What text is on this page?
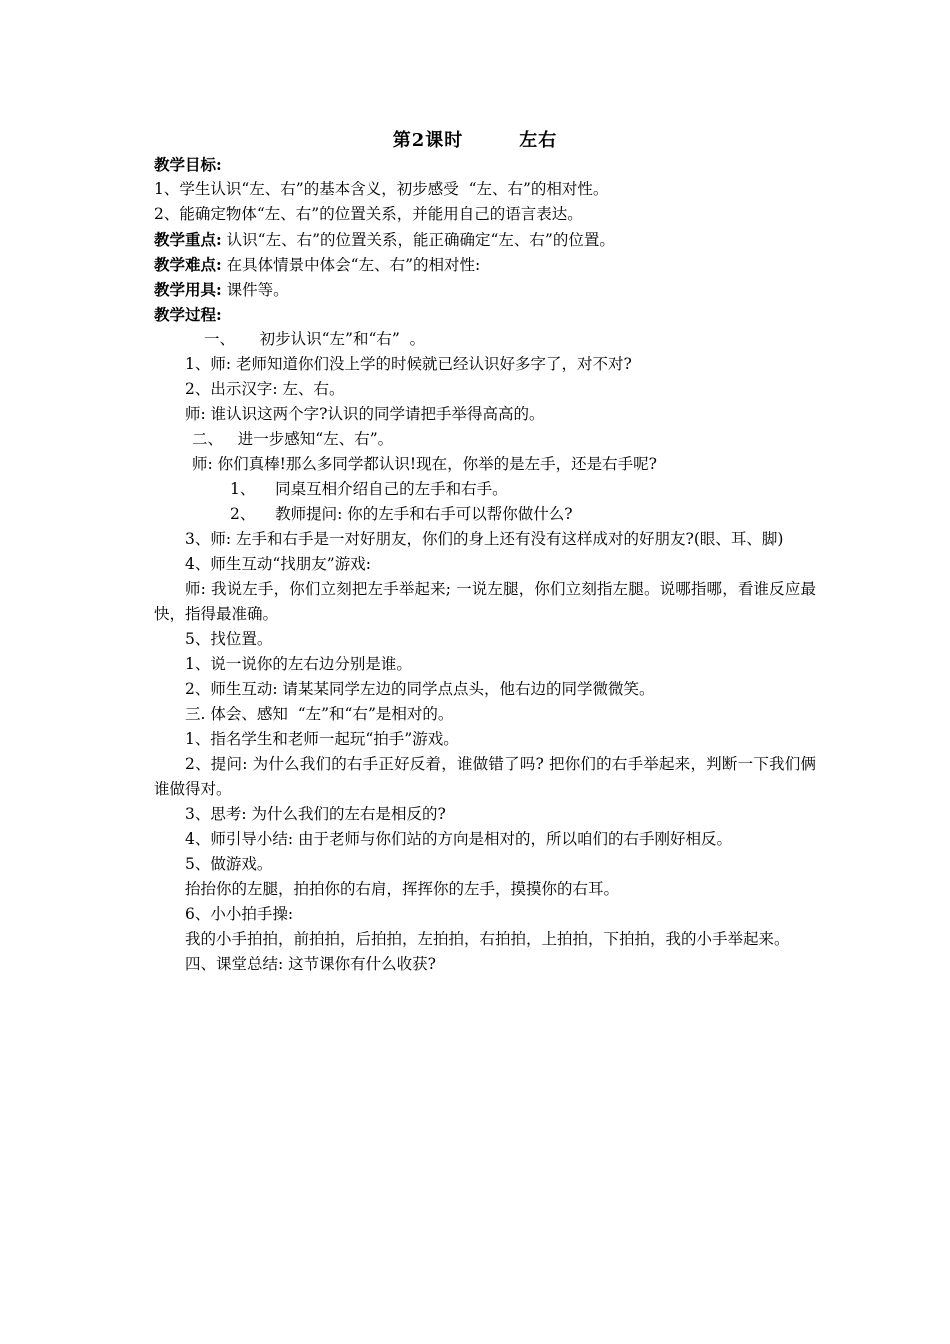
第2课时	左右
教学目标:
1、学生认识“左、右”的基本含义，初步感受  “左、右”的相对性。
2、能确定物体“左、右”的位置关系，并能用自己的语言表达。
教学重点: 认识“左、右”的位置关系，能正确确定“左、右”的位置。
教学难点: 在具体情景中体会“左、右”的相对性:
教学用具: 课件等。
教学过程:
一、     初步认识“左”和“右”  。
1、师: 老师知道你们没上学的时候就已经认识好多字了，对不对?
2、出示汉字: 左、右。
师: 谁认识这两个字?认识的同学请把手举得高高的。
二、   进一步感知“左、右”。
师: 你们真棒!那么多同学都认识!现在，你举的是左手，还是右手呢?
1、    同桌互相介绍自己的左手和右手。
2、    教师提问: 你的左手和右手可以帮你做什么?
3、师: 左手和右手是一对好朋友，你们的身上还有没有这样成对的好朋友?(眼、耳、脚)
4、师生互动“找朋友”游戏:
师: 我说左手，你们立刻把左手举起来; 一说左腿，你们立刻指左腿。说哪指哪，看谁反应最快，指得最准确。
5、找位置。
1、说一说你的左右边分别是谁。
2、师生互动: 请某某同学左边的同学点点头，他右边的同学微微笑。
三. 体会、感知  “左”和“右”是相对的。
1、指名学生和老师一起玩“拍手”游戏。
2、提问: 为什么我们的右手正好反着，谁做错了吗? 把你们的右手举起来，判断一下我们俩谁做得对。
3、思考: 为什么我们的左右是相反的?
4、师引导小结: 由于老师与你们站的方向是相对的，所以咱们的右手刚好相反。
5、做游戏。
抬抬你的左腿，拍拍你的右肩，挥挥你的左手，摸摸你的右耳。
6、小小拍手操:
我的小手拍拍，前拍拍，后拍拍，左拍拍，右拍拍，上拍拍，下拍拍，我的小手举起来。
四、课堂总结: 这节课你有什么收获?
